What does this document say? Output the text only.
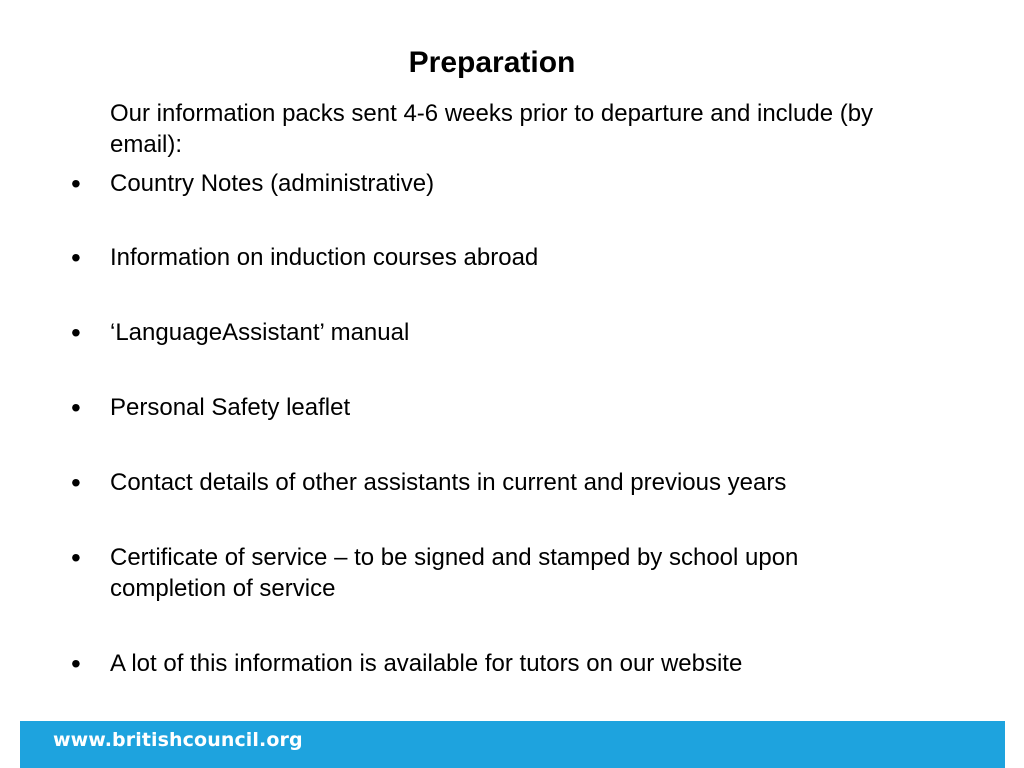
Preparation

Our information packs sent 4-6 weeks prior to departure and include (by email):

• Country Notes (administrative)
• Information on induction courses abroad
• ‘LanguageAssistant’ manual
• Personal Safety leaflet
• Contact details of other assistants in current and previous years
• Certificate of service – to be signed and stamped by school upon completion of service
• A lot of this information is available for tutors on our website
www.britishcouncil.org
